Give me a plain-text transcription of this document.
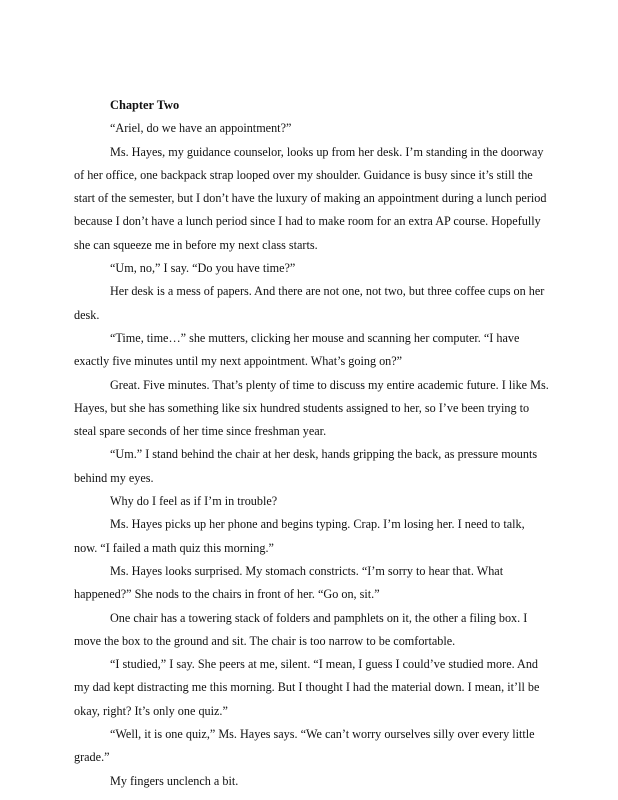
Chapter Two

“Ariel, do we have an appointment?”

Ms. Hayes, my guidance counselor, looks up from her desk. I’m standing in the doorway of her office, one backpack strap looped over my shoulder. Guidance is busy since it’s still the start of the semester, but I don’t have the luxury of making an appointment during a lunch period because I don’t have a lunch period since I had to make room for an extra AP course. Hopefully she can squeeze me in before my next class starts.

“Um, no,” I say. “Do you have time?”

Her desk is a mess of papers. And there are not one, not two, but three coffee cups on her desk.

“Time, time…” she mutters, clicking her mouse and scanning her computer. “I have exactly five minutes until my next appointment. What’s going on?”

Great. Five minutes. That’s plenty of time to discuss my entire academic future. I like Ms. Hayes, but she has something like six hundred students assigned to her, so I’ve been trying to steal spare seconds of her time since freshman year.

“Um.” I stand behind the chair at her desk, hands gripping the back, as pressure mounts behind my eyes.

Why do I feel as if I’m in trouble?

Ms. Hayes picks up her phone and begins typing. Crap. I’m losing her. I need to talk, now. “I failed a math quiz this morning.”

Ms. Hayes looks surprised. My stomach constricts. “I’m sorry to hear that. What happened?” She nods to the chairs in front of her. “Go on, sit.”

One chair has a towering stack of folders and pamphlets on it, the other a filing box. I move the box to the ground and sit. The chair is too narrow to be comfortable.

“I studied,” I say. She peers at me, silent. “I mean, I guess I could’ve studied more. And my dad kept distracting me this morning. But I thought I had the material down. I mean, it’ll be okay, right? It’s only one quiz.”

“Well, it is one quiz,” Ms. Hayes says. “We can’t worry ourselves silly over every little grade.”

My fingers unclench a bit.
